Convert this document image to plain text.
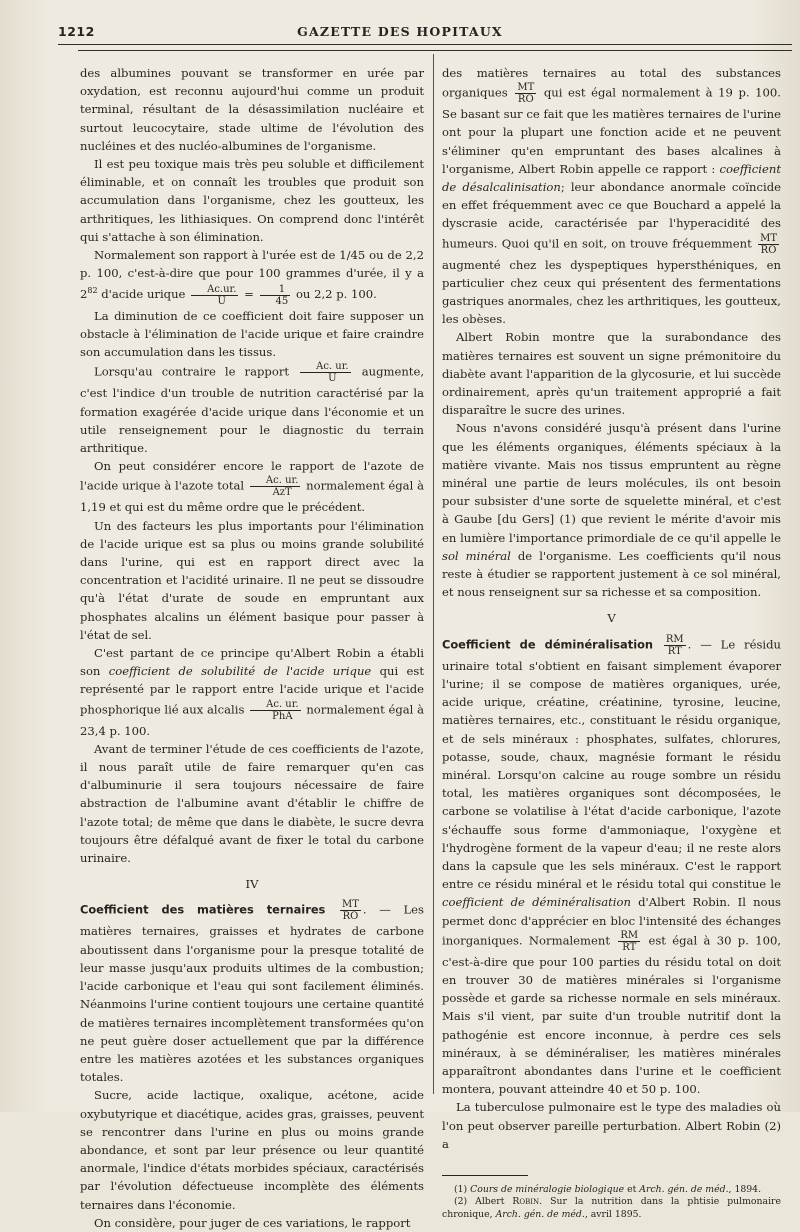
1212	GAZETTE DES HOPITAUX

des albumines pouvant se transformer en urée par oxydation, est reconnu aujourd'hui comme un produit terminal, résultant de la désassimilation nucléaire et surtout leucocytaire, stade ultime de l'évolution des nucléines et des nucléo-albumines de l'organisme.

Il est peu toxique mais très peu soluble et difficilement éliminable, et on connaît les troubles que produit son accumulation dans l'organisme, chez les goutteux, les arthritiques, les lithiasiques. On comprend donc l'intérêt qui s'attache à son élimination.

Normalement son rapport à l'urée est de 1/45 ou de 2,2 p. 100, c'est-à-dire que pour 100 grammes d'urée, il y a 2$^{82}$ d'acide urique $\frac{Ac.ur.}{U} = \frac{1}{45}$ ou 2,2 p. 100.

La diminution de ce coefficient doit faire supposer un obstacle à l'élimination de l'acide urique et faire craindre son accumulation dans les tissus.

Lorsqu'au contraire le rapport $\frac{Ac. ur.}{U}$ augmente, c'est l'indice d'un trouble de nutrition caractérisé par la formation exagérée d'acide urique dans l'économie et un utile renseignement pour le diagnostic du terrain arthritique.

On peut considérer encore le rapport de l'azote de l'acide urique à l'azote total $\frac{Ac. ur.}{\text{AzT}}$ normalement égal à 1,19 et qui est du même ordre que le précédent.

Un des facteurs les plus importants pour l'élimination de l'acide urique est sa plus ou moins grande solubilité dans l'urine, qui est en rapport direct avec la concentration et l'acidité urinaire. Il ne peut se dissoudre qu'à l'état d'urate de soude en empruntant aux phosphates alcalins un élément basique pour passer à l'état de sel.

C'est partant de ce principe qu'Albert Robin a établi son coefficient de solubilité de l'acide urique qui est représenté par le rapport entre l'acide urique et l'acide phosphorique lié aux alcalis $\frac{Ac. ur.}{\text{PhA}}$ normalement égal à 23,4 p. 100.

Avant de terminer l'étude de ces coefficients de l'azote, il nous paraît utile de faire remarquer qu'en cas d'albuminurie il sera toujours nécessaire de faire abstraction de l'albumine avant d'établir le chiffre de l'azote total; de même que dans le diabète, le sucre devra toujours être défalqué avant de fixer le total du carbone urinaire.

IV

Coefficient des matières ternaires $\frac{MT}{RO}$ . — Les matières ternaires, graisses et hydrates de carbone aboutissent dans l'organisme pour la presque totalité de leur masse jusqu'aux produits ultimes de la combustion; l'acide carbonique et l'eau qui sont facilement éliminés. Néanmoins l'urine contient toujours une certaine quantité de matières ternaires incomplètement transformées qu'on ne peut guère doser actuellement que par la différence entre les matières azotées et les substances organiques totales.

Sucre, acide lactique, oxalique, acétone, acide oxybutyrique et diacétique, acides gras, graisses, peuvent se rencontrer dans l'urine en plus ou moins grande abondance, et sont par leur présence ou leur quantité anormale, l'indice d'états morbides spéciaux, caractérisés par l'évolution défectueuse incomplète des éléments ternaires dans l'économie.

On considère, pour juger de ces variations, le rapport

des matières ternaires au total des substances organiques $\frac{MT}{RO}$ qui est égal normalement à 19 p. 100. Se basant sur ce fait que les matières ternaires de l'urine ont pour la plupart une fonction acide et ne peuvent s'éliminer qu'en empruntant des bases alcalines à l'organisme, Albert Robin appelle ce rapport : coefficient de désalcalinisation; leur abondance anormale coïncide en effet fréquemment avec ce que Bouchard a appelé la dyscrasie acide, caractérisée par l'hyperacidité des humeurs. Quoi qu'il en soit, on trouve fréquemment $\frac{MT}{RO}$
augmenté chez les dyspeptiques hypersthéniques, en particulier chez ceux qui présentent des fermentations gastriques anormales, chez les arthritiques, les goutteux, les obèses.

Albert Robin montre que la surabondance des matières ternaires est souvent un signe prémonitoire du diabète avant l'apparition de la glycosurie, et lui succède ordinairement, après qu'un traitement approprié a fait disparaître le sucre des urines.

Nous n'avons considéré jusqu'à présent dans l'urine que les éléments organiques, éléments spéciaux à la matière vivante. Mais nos tissus empruntent au règne minéral une partie de leurs molécules, ils ont besoin pour subsister d'une sorte de squelette minéral, et c'est à Gaube [du Gers] (1) que revient le mérite d'avoir mis en lumière l'importance primordiale de ce qu'il appelle le sol minéral de l'organisme. Les coefficients qu'il nous reste à étudier se rapportent justement à ce sol minéral, et nous renseignent sur sa richesse et sa composition.

V

Coefficient de déminéralisation $\frac{RM}{RT}$ . — Le résidu urinaire total s'obtient en faisant simplement évaporer l'urine; il se compose de matières organiques, urée, acide urique, créatine, créatinine, tyrosine, leucine, matières ternaires, etc., constituant le résidu organique, et de sels minéraux : phosphates, sulfates, chlorures, potasse, soude, chaux, magnésie formant le résidu minéral. Lorsqu'on calcine au rouge sombre un résidu total, les matières organiques sont décomposées, le carbone se volatilise à l'état d'acide carbonique, l'azote s'échauffe sous forme d'ammoniaque, l'oxygène et l'hydrogène forment de la vapeur d'eau; il ne reste alors dans la capsule que les sels minéraux. C'est le rapport entre ce résidu minéral et le résidu total qui constitue le coefficient de déminéralisation d'Albert Robin. Il nous permet donc d'apprécier en bloc l'intensité des échanges inorganiques. Normalement $\frac{RM}{RT}$ est égal à 30 p. 100, c'est-à-dire que pour 100 parties du résidu total on doit en trouver 30 de matières minérales si l'organisme possède et garde sa richesse normale en sels minéraux. Mais s'il vient, par suite d'un trouble nutritif dont la pathogénie est encore inconnue, à perdre ces sels minéraux, à se déminéraliser, les matières minérales apparaîtront abondantes dans l'urine et le coefficient montera, pouvant atteindre 40 et 50 p. 100.

La tuberculose pulmonaire est le type des maladies où l'on peut observer pareille perturbation. Albert Robin (2) a

(1) Cours de minéralogie biologique et Arch. gén. de méd., 1894.

(2) Albert Robin. Sur la nutrition dans la phtisie pulmonaire chronique, Arch. gén. de méd., avril 1895.
